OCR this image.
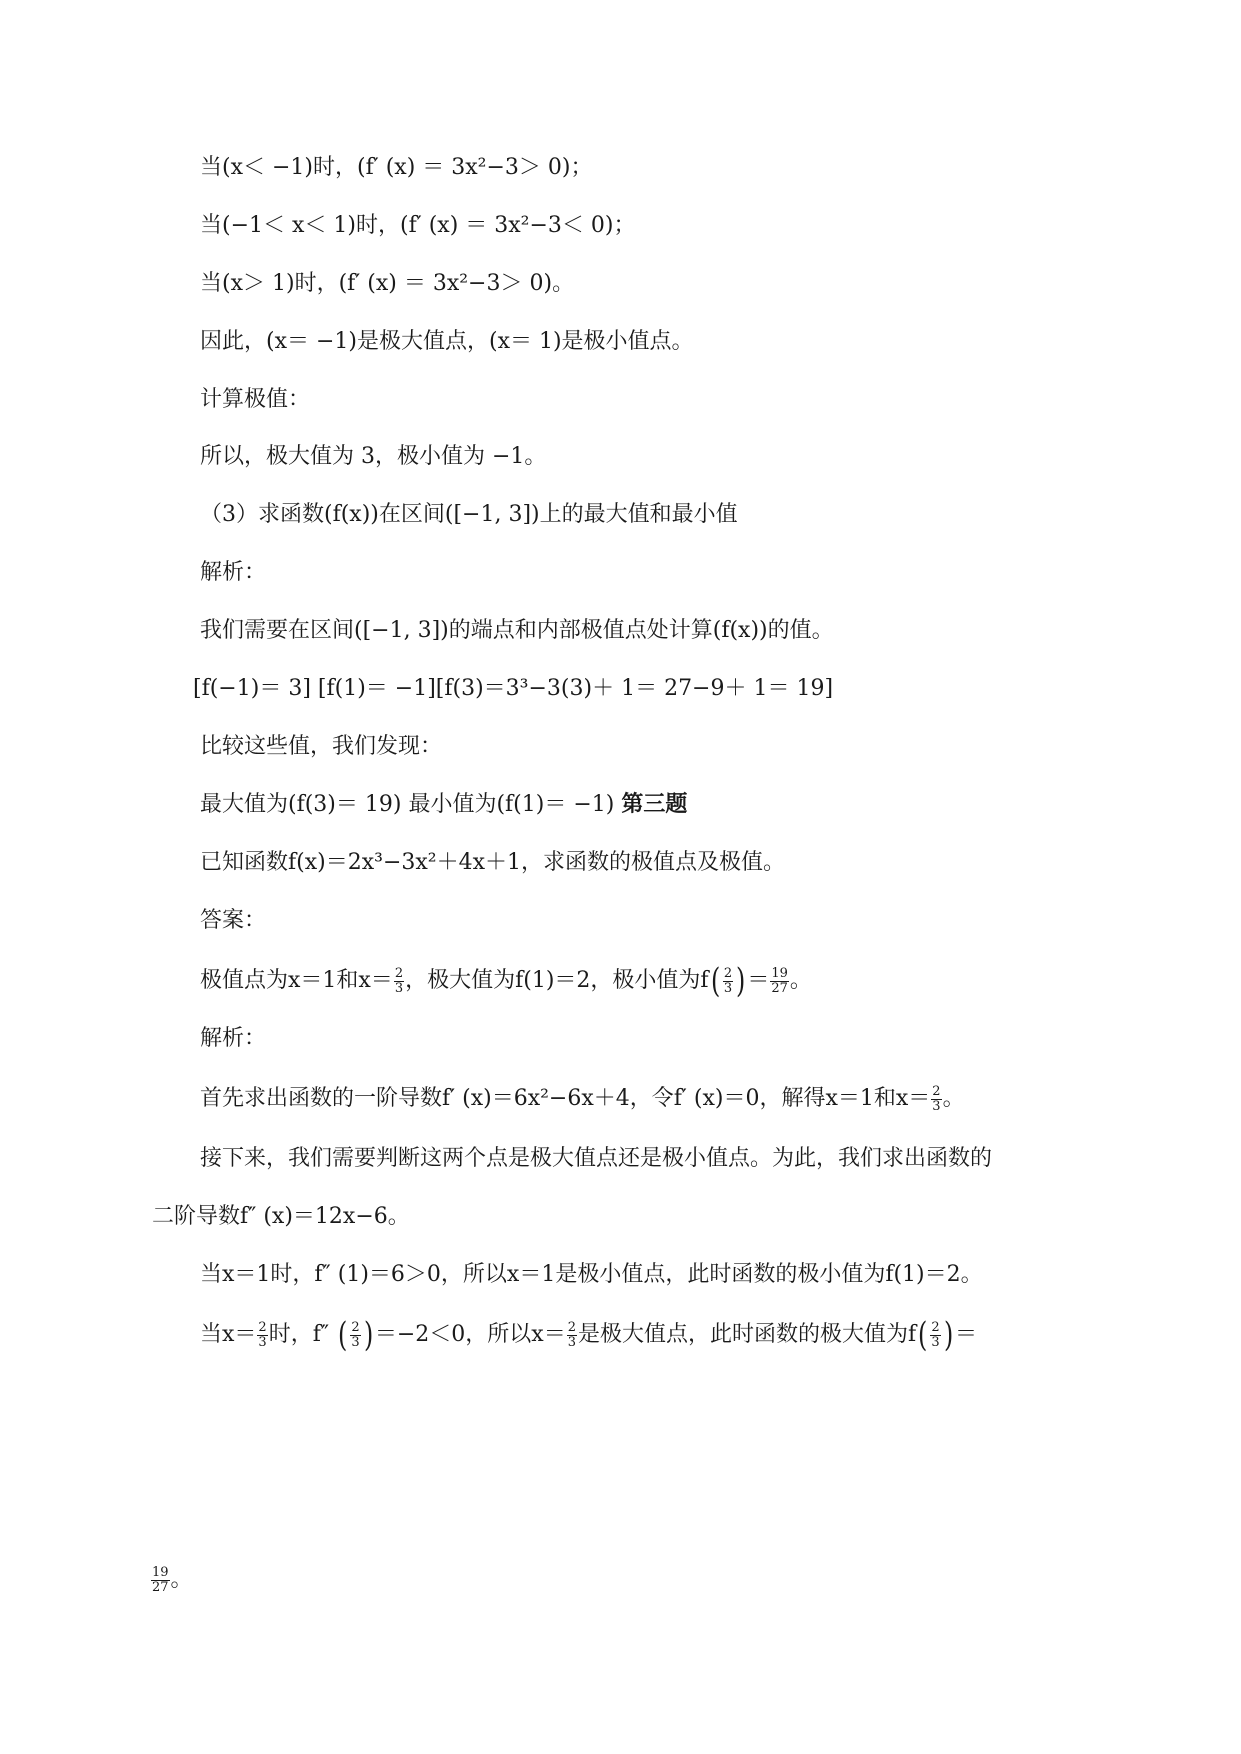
当(x＜ −1)时，(f′ (x) ＝ 3x²−3＞ 0)；
当(−1＜ x＜ 1)时，(f′ (x) ＝ 3x²−3＜ 0)；
当(x＞ 1)时，(f′ (x) ＝ 3x²−3＞ 0)。
因此，(x＝ −1)是极大值点，(x＝ 1)是极小值点。
计算极值：
所以，极大值为 3，极小值为 −1。
（3）求函数(f(x))在区间([−1, 3])上的最大值和最小值
解析：
我们需要在区间([−1, 3])的端点和内部极值点处计算(f(x))的值。
[f(−1)＝ 3] [f(1)＝ −1][f(3)＝3³−3(3)＋ 1＝ 27−9＋ 1＝ 19]
比较这些值，我们发现：
最大值为(f(3)＝ 19) 最小值为(f(1)＝ −1) 第三题
已知函数f(x)＝2x³−3x²＋4x＋1，求函数的极值点及极值。
答案：
极值点为x＝1和$x= \frac{2}{3}$ ，极大值为f(1)＝2，极小值为$f( \frac{2}{3}$ )＝ $\frac{19}{27}$ 。
解析：
首先求出函数的一阶导数f′ (x)＝6x²−6x＋4，令f′ (x)＝0，解得x＝1和$x= \frac{2}{3}$ 。
接下来，我们需要判断这两个点是极大值点还是极小值点。为此，我们求出函数的
二阶导数f″ (x)＝12x−6。
当x＝1时，f″ (1)＝6＞0，所以x＝1是极小值点，此时函数的极小值为f(1)＝2。
当$x= \frac{2}{3}$ 时，f″ ( $\frac{2}{3} )=-2<0$，所以$x= \frac{2}{3}$ 是极大值点，此时函数的极大值为$f( \frac{2}{3}$ )＝
$\frac{19}{27}$ 。
